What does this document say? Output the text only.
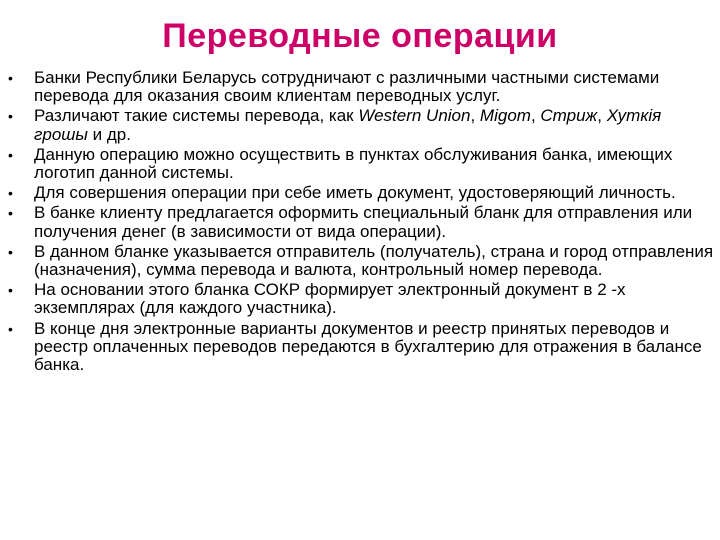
Переводные операции
•	Банки Республики Беларусь сотрудничают с различными частными системами перевода для оказания своим клиентам переводных услуг.
•	Различают такие системы перевода, как Western Union, Migom, Стриж, Хуткiя грошы и др.
•	Данную операцию можно осуществить в пунктах обслуживания банка, имеющих логотип данной системы.
•	Для совершения операции при себе иметь документ, удостоверяющий личность.
•	В банке клиенту предлагается оформить специальный бланк для отправления или получения денег (в зависимости от вида операции).
•	В данном бланке указывается отправитель (получатель), страна и город отправления (назначения), сумма перевода и валюта, контрольный номер перевода.
•	На основании этого бланка СОКР формирует электронный документ в 2 -х экземплярах (для каждого участника).
•	В конце дня электронные варианты документов и реестр принятых переводов и реестр оплаченных переводов передаются в бухгалтерию для отражения в балансе банка.
